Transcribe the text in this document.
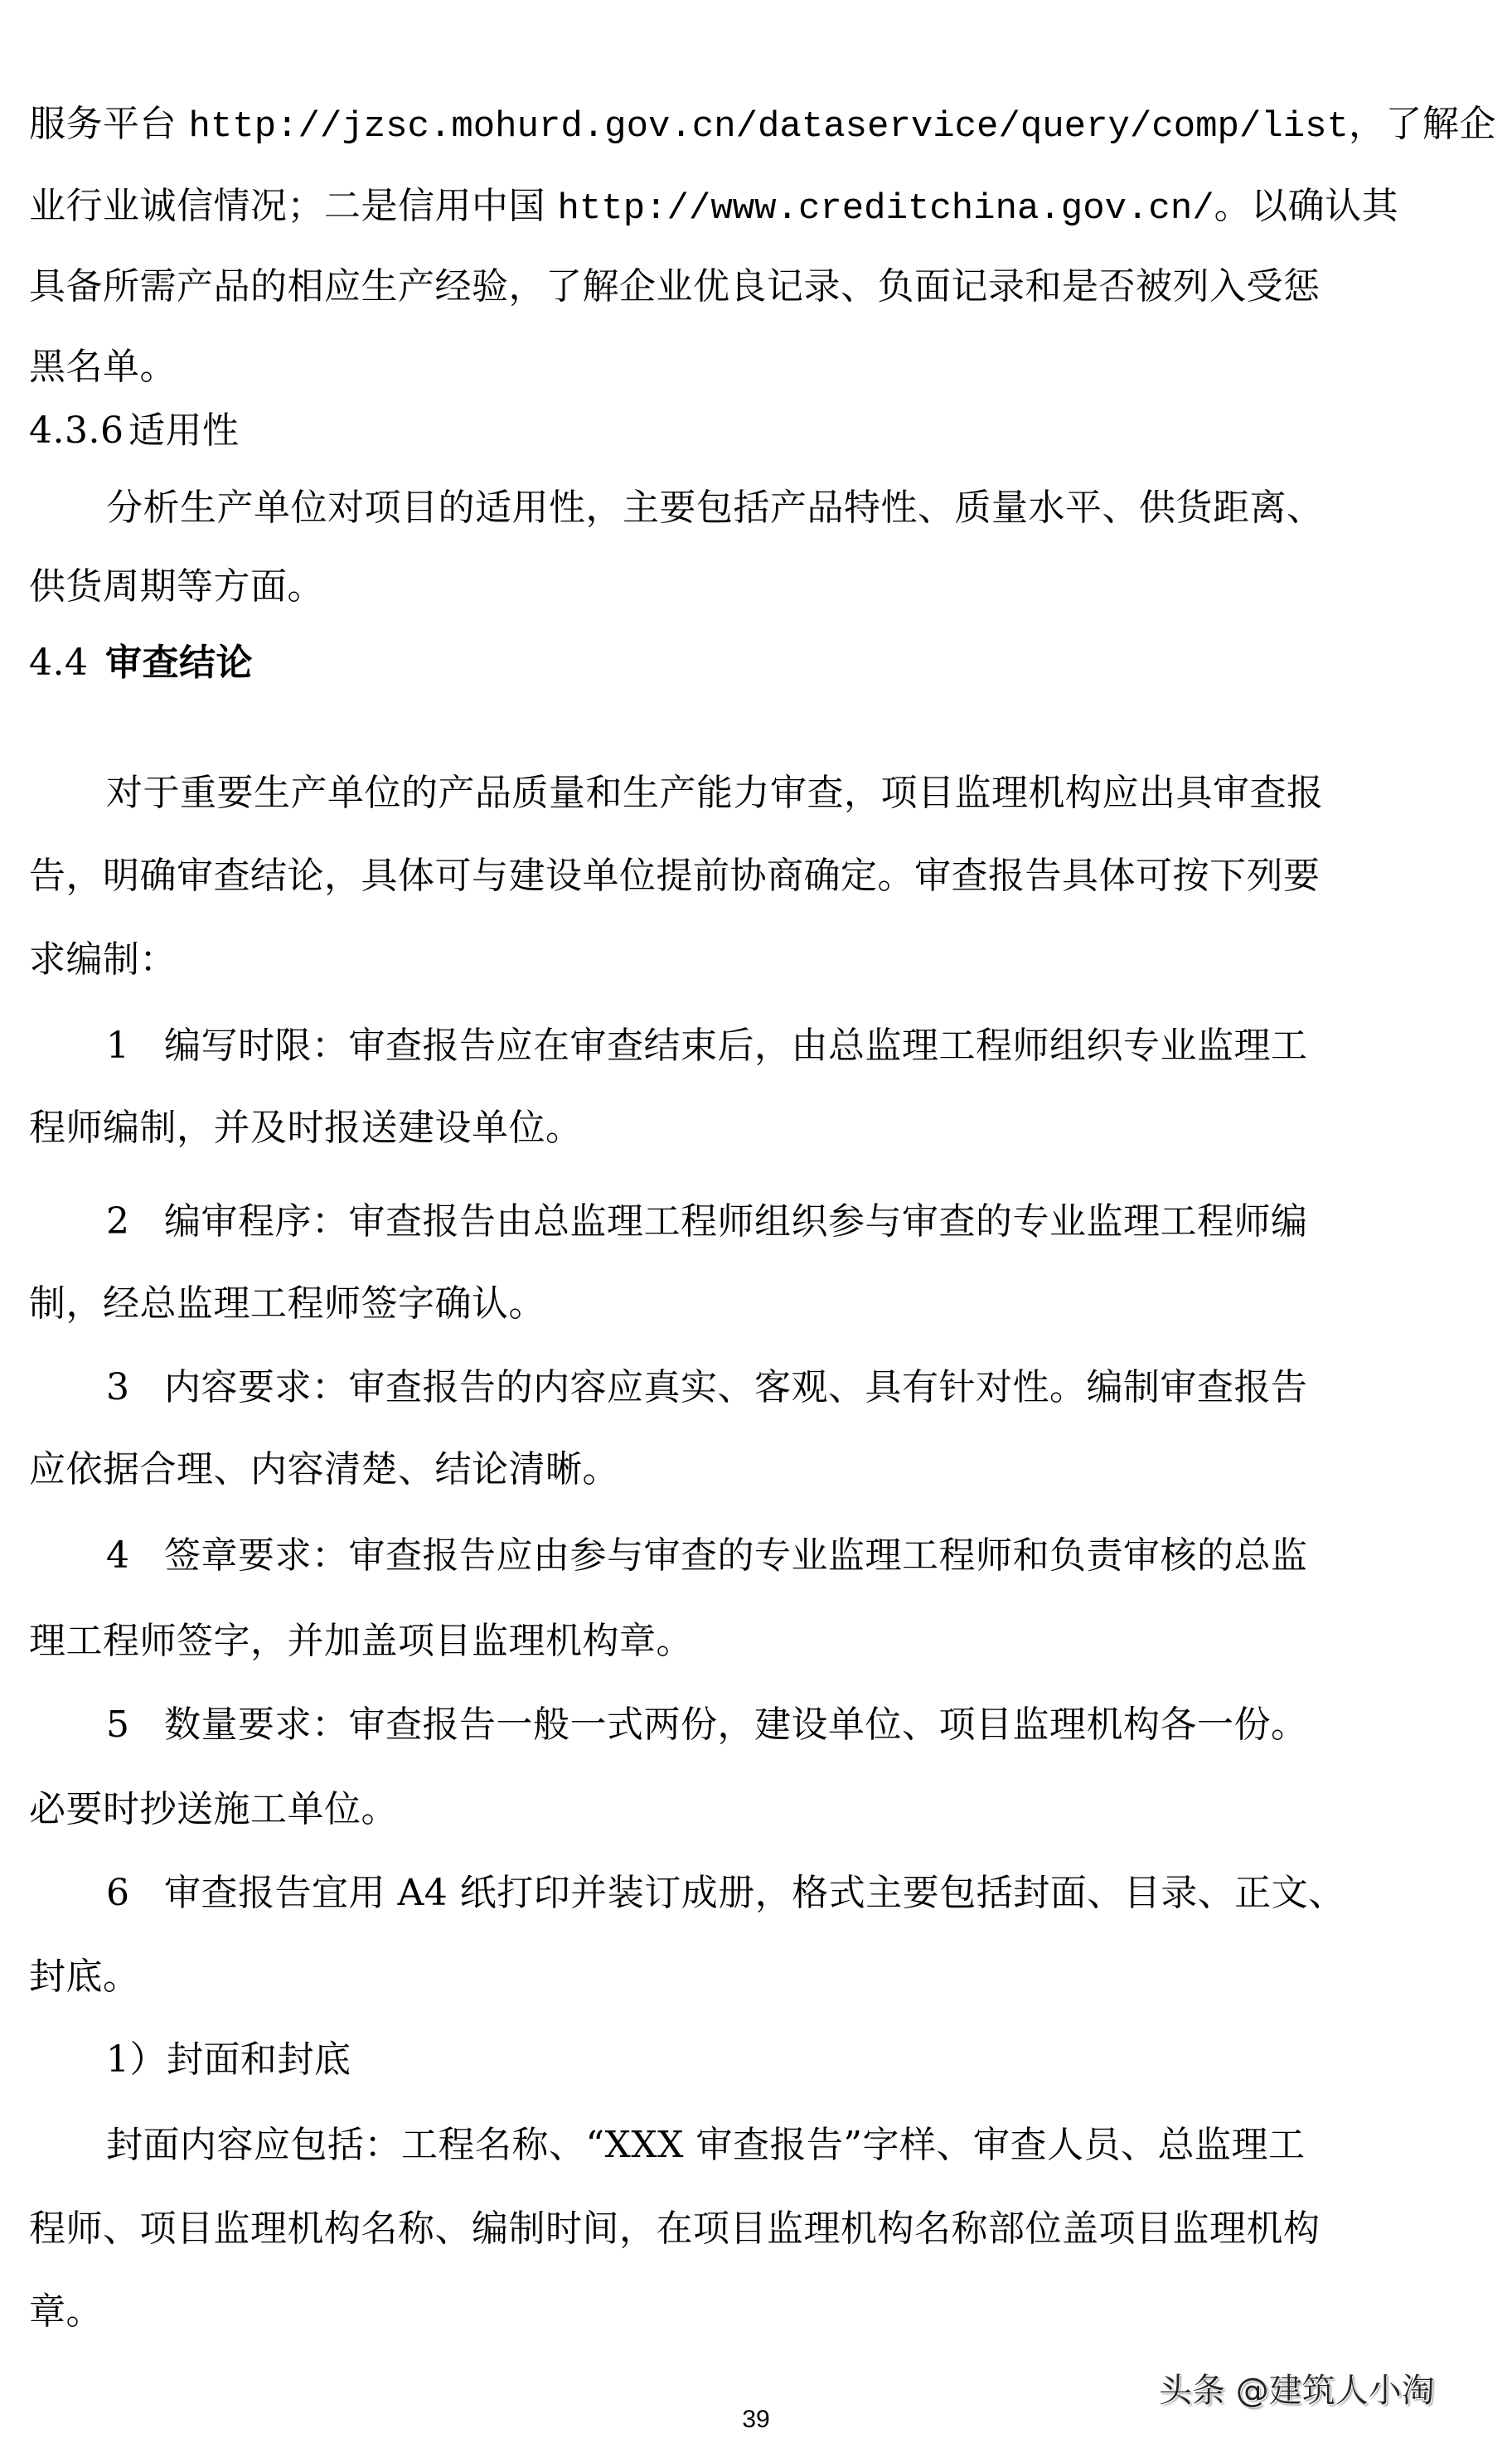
服务平台 http://jzsc.mohurd.gov.cn/dataservice/query/comp/list，了解企
业行业诚信情况；二是信用中国 http://www.creditchina.gov.cn/。以确认其
具备所需产品的相应生产经验，了解企业优良记录、负面记录和是否被列入受惩
黑名单。
4.3.6 适用性
分析生产单位对项目的适用性，主要包括产品特性、质量水平、供货距离、
供货周期等方面。
4.4 审查结论
对于重要生产单位的产品质量和生产能力审查，项目监理机构应出具审查报
告，明确审查结论，具体可与建设单位提前协商确定。审查报告具体可按下列要
求编制：
1 编写时限：审查报告应在审查结束后，由总监理工程师组织专业监理工
程师编制，并及时报送建设单位。
2 编审程序：审查报告由总监理工程师组织参与审查的专业监理工程师编
制，经总监理工程师签字确认。
3 内容要求：审查报告的内容应真实、客观、具有针对性。编制审查报告
应依据合理、内容清楚、结论清晰。
4 签章要求：审查报告应由参与审查的专业监理工程师和负责审核的总监
理工程师签字，并加盖项目监理机构章。
5 数量要求：审查报告一般一式两份，建设单位、项目监理机构各一份。
必要时抄送施工单位。
6 审查报告宜用 A4 纸打印并装订成册，格式主要包括封面、目录、正文、
封底。
1）封面和封底
封面内容应包括：工程名称、“XXX 审查报告”字样、审查人员、总监理工
程师、项目监理机构名称、编制时间，在项目监理机构名称部位盖项目监理机构
章。
头条 @建筑人小淘
39
